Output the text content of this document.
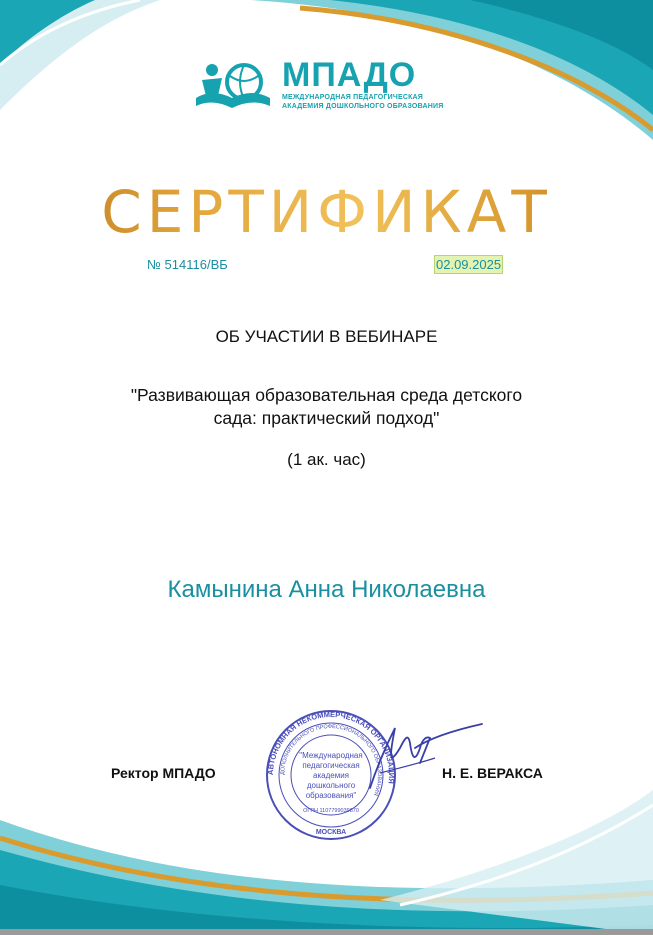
МПАДО
МЕЖДУНАРОДНАЯ ПЕДАГОГИЧЕСКАЯ
АКАДЕМИЯ ДОШКОЛЬНОГО ОБРАЗОВАНИЯ
СЕРТИФИКАТ
№ 514116/ВБ	02.09.2025
ОБ УЧАСТИИ В ВЕБИНАРЕ
"Развивающая образовательная среда детского
сада: практический подход"
(1 ак. час)
Камынина Анна Николаевна
Ректор МПАДО	Н. Е. ВЕРАКСА
АВТОНОМНАЯ НЕКОММЕРЧЕСКАЯ ОРГАНИЗАЦИЯ
ДОПОЛНИТЕЛЬНОГО ПРОФЕССИОНАЛЬНОГО ОБРАЗОВАНИЯ
"Международная
педагогическая
академия
дошкольного
образования"
ОГРН 1107799039870
МОСКВА
